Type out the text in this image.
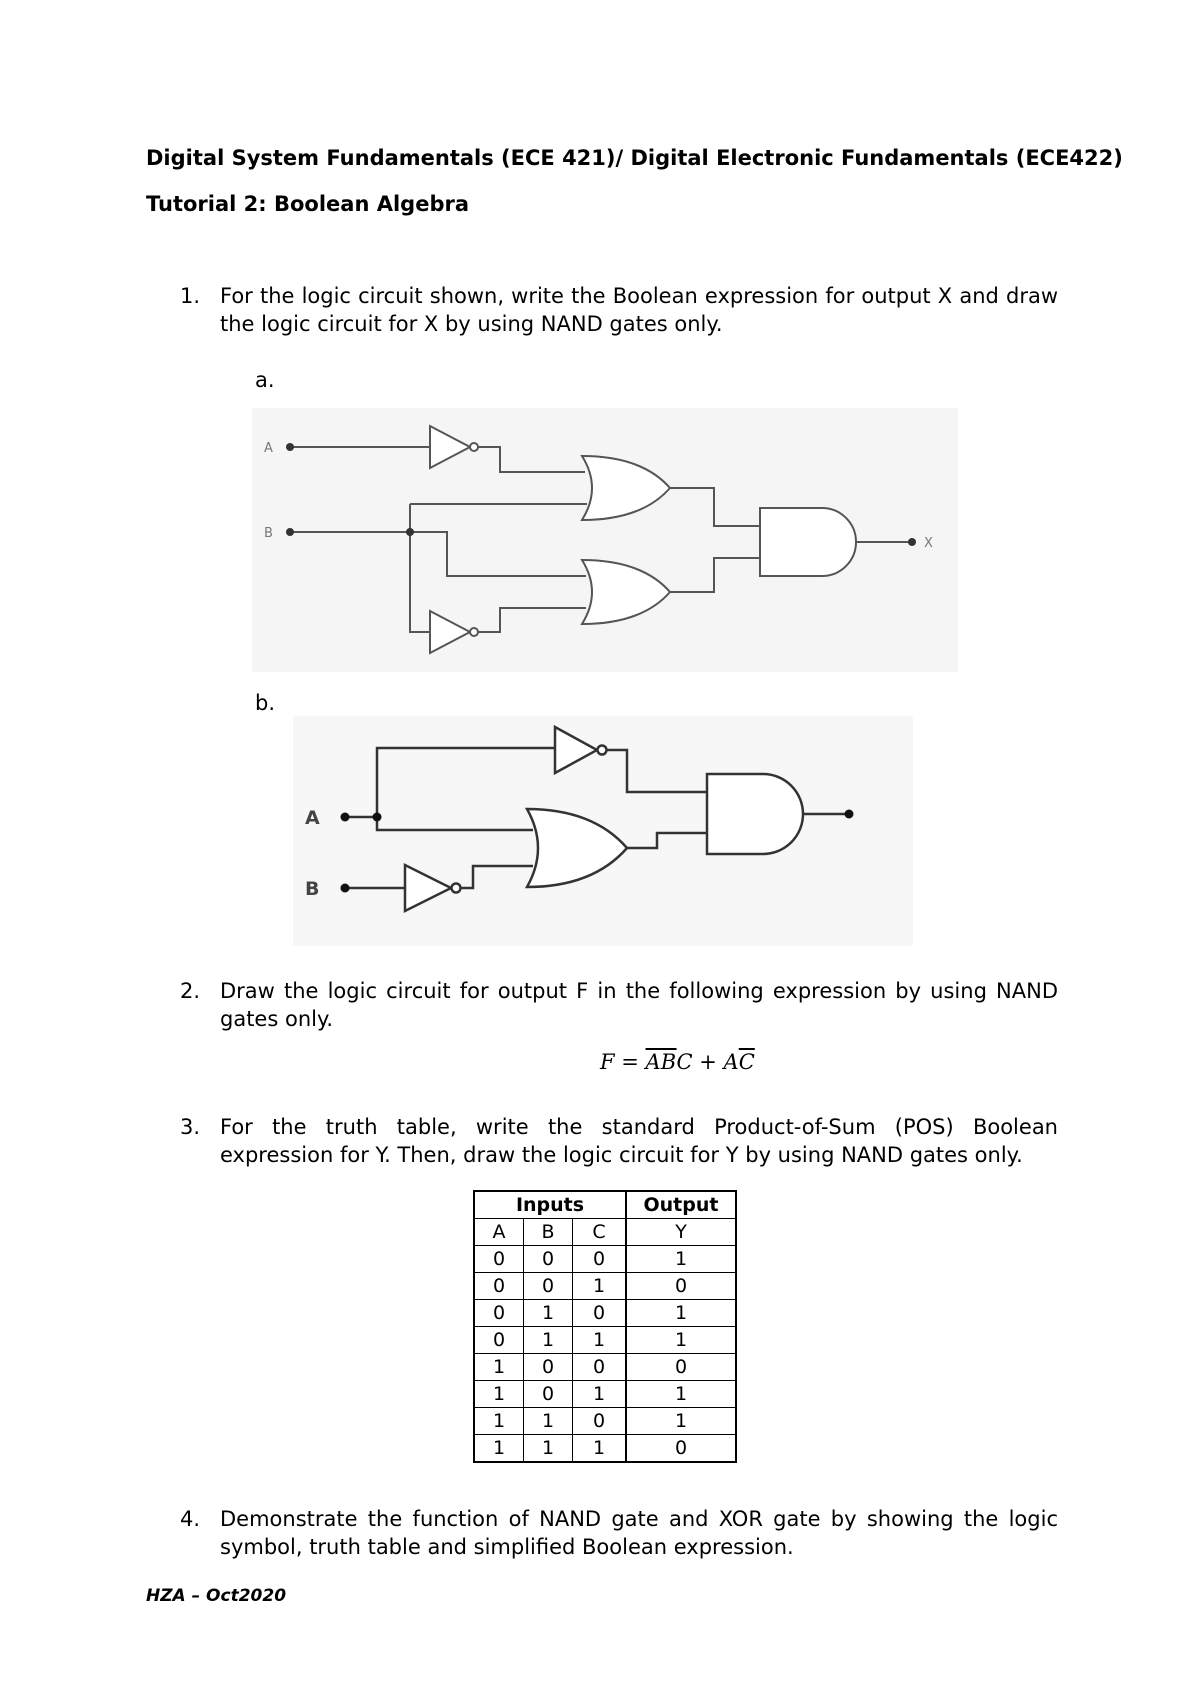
Digital System Fundamentals (ECE 421)/ Digital Electronic Fundamentals (ECE422)
Tutorial 2: Boolean Algebra
1. For the logic circuit shown, write the Boolean expression for output X and draw the logic circuit for X by using NAND gates only.
a.
A
B
X
b.
A
B
2. Draw the logic circuit for output F in the following expression by using NAND gates only.
$F = \overline{AB}C + A\overline{C}$
3. For the truth table, write the standard Product-of-Sum (POS) Boolean expression for Y. Then, draw the logic circuit for Y by using NAND gates only.
Inputs			Output
A	B	C	Y
0	0	0	1
0	0	1	0
0	1	0	1
0	1	1	1
1	0	0	0
1	0	1	1
1	1	0	1
1	1	1	0
4. Demonstrate the function of NAND gate and XOR gate by showing the logic symbol, truth table and simplified Boolean expression.
HZA – Oct2020
